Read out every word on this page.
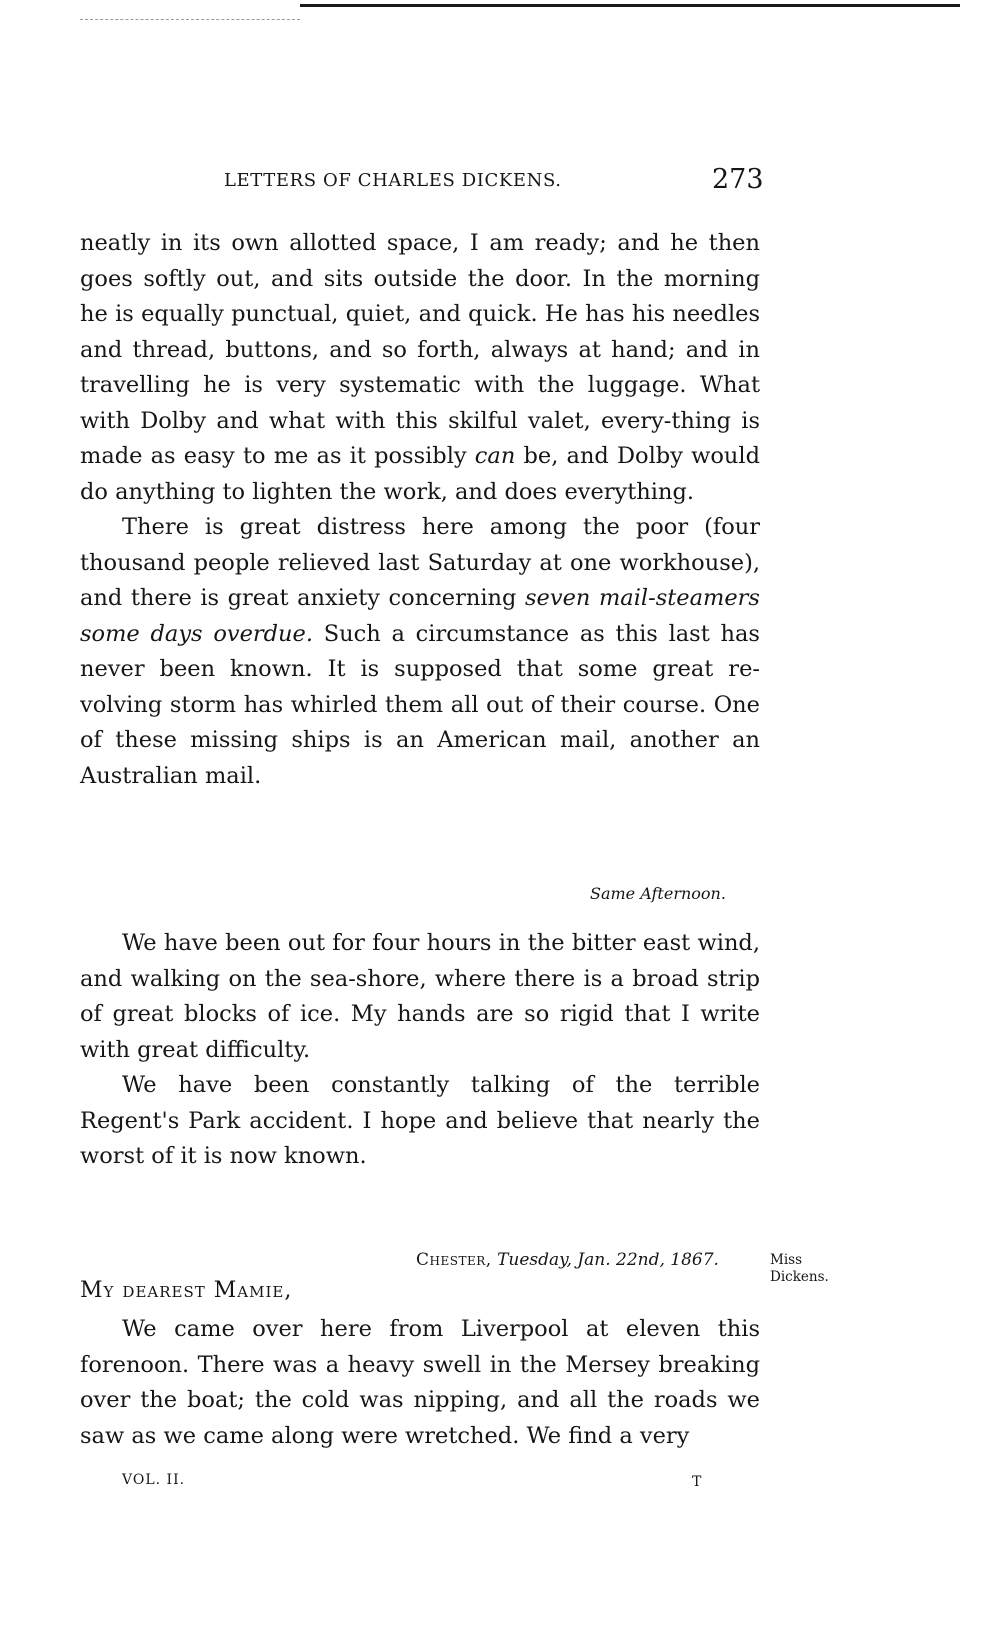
LETTERS OF CHARLES DICKENS.	273

neatly in its own allotted space, I am ready; and he then goes softly out, and sits outside the door. In the morning he is equally punctual, quiet, and quick. He has his needles and thread, buttons, and so forth, always at hand; and in travelling he is very systematic with the luggage. What with Dolby and what with this skilful valet, every-thing is made as easy to me as it possibly can be, and Dolby would do anything to lighten the work, and does everything.

There is great distress here among the poor (four thousand people relieved last Saturday at one workhouse), and there is great anxiety concerning seven mail-steamers some days overdue. Such a circumstance as this last has never been known. It is supposed that some great re-volving storm has whirled them all out of their course. One of these missing ships is an American mail, another an Australian mail.

Same Afternoon.

We have been out for four hours in the bitter east wind, and walking on the sea-shore, where there is a broad strip of great blocks of ice. My hands are so rigid that I write with great difficulty.

We have been constantly talking of the terrible Regent's Park accident. I hope and believe that nearly the worst of it is now known.

Chester, Tuesday, Jan. 22nd, 1867.
My dearest Mamie,
Miss
Dickens.

We came over here from Liverpool at eleven this forenoon. There was a heavy swell in the Mersey breaking over the boat; the cold was nipping, and all the roads we saw as we came along were wretched. We find a very

VOL. II.	T
